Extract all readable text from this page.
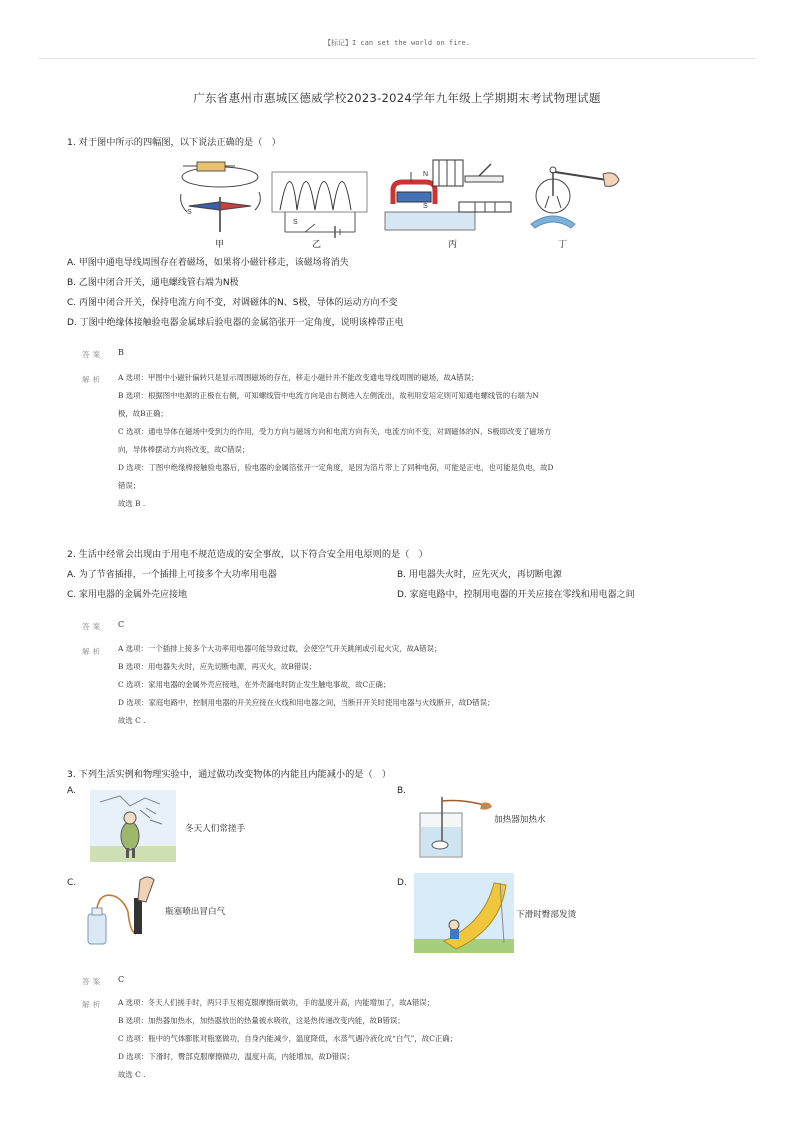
【标记】I can set the world on fire.
广东省惠州市惠城区德威学校2023-2024学年九年级上学期期末考试物理试题
1. 对于图中所示的四幅图，以下说法正确的是（　）
S
S
N
S
甲	乙	丙	丁
A. 甲图中通电导线周围存在着磁场，如果将小磁针移走，该磁场将消失
B. 乙图中闭合开关，通电螺线管右端为N极
C. 丙图中闭合开关，保持电流方向不变，对调磁体的N、S极，导体的运动方向不变
D. 丁图中绝缘体接触验电器金属球后验电器的金属箔张开一定角度，说明该棒带正电
答案 B
解析 A 选项：甲图中小磁针偏转只是显示周围磁场的存在，移走小磁针并不能改变通电导线周围的磁场，故A错误；
B 选项：根据图中电源的正极在右侧，可知螺线管中电流方向是由右侧进入左侧流出，故利用安培定则可知通电螺线管的右端为N
极，故B正确；
C 选项：通电导体在磁场中受到力的作用，受力方向与磁场方向和电流方向有关，电流方向不变，对调磁体的N、S极即改变了磁场方
向，导体棒摆动方向将改变，故C错误；
D 选项：丁图中绝缘棒接触验电器后，验电器的金属箔张开一定角度，是因为箔片带上了同种电荷，可能是正电，也可能是负电，故D
错误；
故选 B .
2. 生活中经常会出现由于用电不规范造成的安全事故，以下符合安全用电原则的是（　）
A. 为了节省插排，一个插排上可接多个大功率用电器	B. 用电器失火时，应先灭火，再切断电源
C. 家用电器的金属外壳应接地	D. 家庭电路中，控制用电器的开关应接在零线和用电器之间
答案 C
解析 A 选项：一个插排上接多个大功率用电器可能导致过载，会使空气开关跳闸或引起火灾，故A错误；
B 选项：用电器失火时，应先切断电源，再灭火，故B错误；
C 选项：家用电器的金属外壳应接地，在外壳漏电时防止发生触电事故，故C正确；
D 选项：家庭电路中，控制用电器的开关应接在火线和用电器之间，当断开开关时使用电器与火线断开，故D错误；
故选 C .
3. 下列生活实例和物理实验中，通过做功改变物体的内能且内能减小的是（　）
A.
冬天人们常搓手
B.
加热器加热水
C.
瓶塞喷出冒白气
D.
下滑时臀部发烫
答案 C
解析 A 选项：冬天人们搓手时，两只手互相克服摩擦而做功，手的温度升高，内能增加了，故A错误；
B 选项：加热器加热水，加热器放出的热量被水吸收，这是热传递改变内能，故B错误；
C 选项：瓶中的气体膨胀对瓶塞做功，自身内能减少，温度降低，水蒸气遇冷液化成“白气”，故C正确；
D 选项：下滑时，臀部克服摩擦做功，温度升高，内能增加，故D错误；
故选 C .
